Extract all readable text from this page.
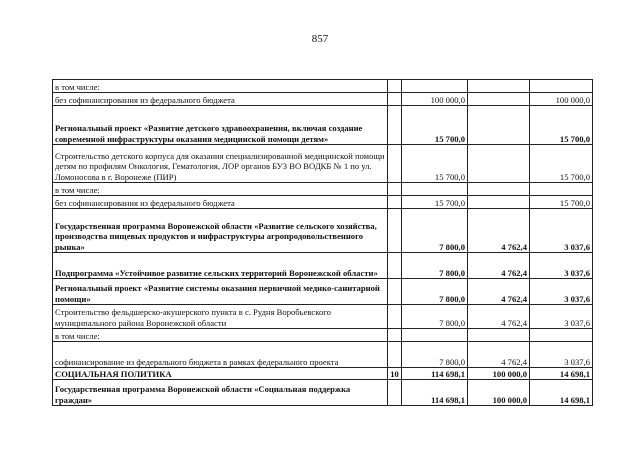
857
в том числе:				
без софинансирования из федерального бюджета		100 000,0		100 000,0
Региональный проект «Развитие детского здравоохранения, включая создание современной инфраструктуры оказания медицинской помощи детям»		15 700,0		15 700,0
Строительство детского корпуса для оказания специализированной медицинской помощи детям по профилям Онкология, Гематология, ЛОР органов БУЗ ВО ВОДКБ № 1 по ул. Ломоносова в г. Воронеже (ПИР)		15 700,0		15 700,0
в том числе:				
без софинансирования из федерального бюджета		15 700,0		15 700,0
Государственная программа Воронежской области «Развитие сельского хозяйства, производства пищевых продуктов и инфраструктуры агропродовольственного рынка»		7 800,0	4 762,4	3 037,6
Подпрограмма «Устойчивое развитие сельских территорий Воронежской области»		7 800,0	4 762,4	3 037,6
Региональный проект «Развитие системы оказания первичной медико-санитарной помощи»		7 800,0	4 762,4	3 037,6
Строительство фельдшерско-акушерского пункта в с. Рудня Воробьевского муниципального района Воронежской области		7 800,0	4 762,4	3 037,6
в том числе:				
софинансирование из федерального бюджета в рамках федерального проекта		7 800,0	4 762,4	3 037,6
СОЦИАЛЬНАЯ ПОЛИТИКА	10	114 698,1	100 000,0	14 698,1
Государственная программа Воронежской области «Социальная поддержка граждан»		114 698,1	100 000,0	14 698,1
